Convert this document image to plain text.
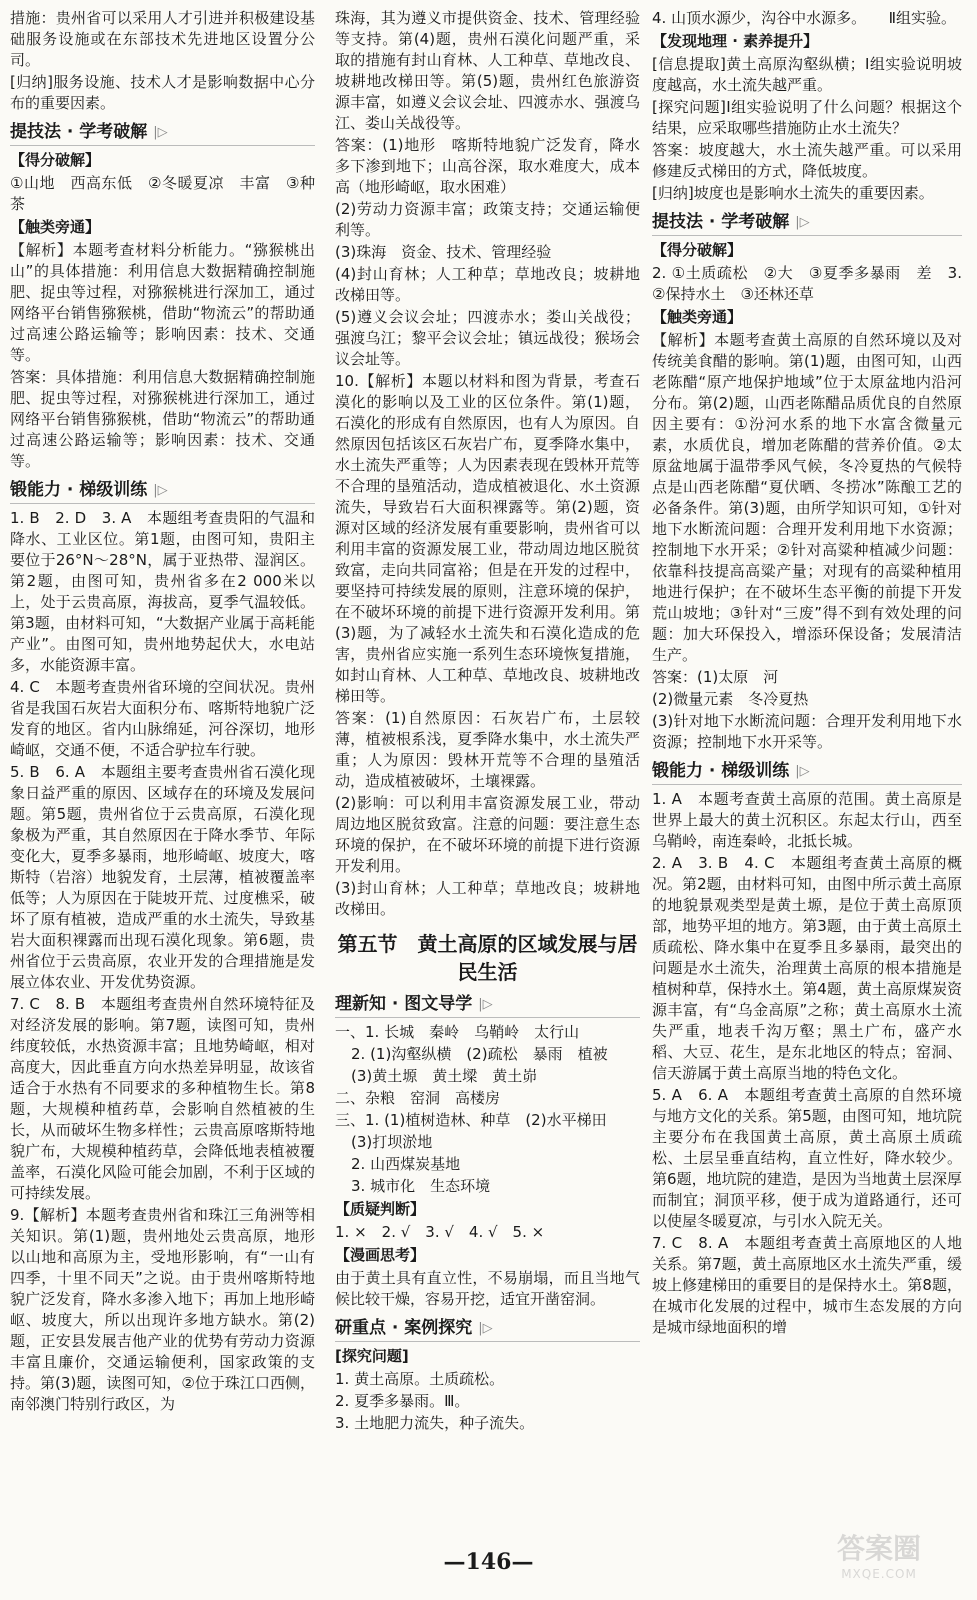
措施：贵州省可以采用人才引进并积极建设基础服务设施或在东部技术先进地区设置分公司。
[归纳]服务设施、技术人才是影响数据中心分布的重要因素。
提技法 · 学考破解 |▷
【得分破解】
①山地　西高东低　②冬暖夏凉　丰富　③种茶
【触类旁通】
【解析】本题考查材料分析能力。“猕猴桃出山”的具体措施：利用信息大数据精确控制施肥、捉虫等过程，对猕猴桃进行深加工，通过网络平台销售猕猴桃，借助“物流云”的帮助通过高速公路运输等；影响因素：技术、交通等。
答案：具体措施：利用信息大数据精确控制施肥、捉虫等过程，对猕猴桃进行深加工，通过网络平台销售猕猴桃，借助“物流云”的帮助通过高速公路运输等；影响因素：技术、交通等。
锻能力 · 梯级训练 |▷
1. B　2. D　3. A　本题组考查贵阳的气温和降水、工业区位。第1题，由图可知，贵阳主要位于26°N～28°N，属于亚热带、湿润区。第2题，由图可知，贵州省多在2 000米以上，处于云贵高原，海拔高，夏季气温较低。第3题，由材料可知，“大数据产业属于高耗能产业”。由图可知，贵州地势起伏大，水电站多，水能资源丰富。
4. C　本题考查贵州省环境的空间状况。贵州省是我国石灰岩大面积分布、喀斯特地貌广泛发育的地区。省内山脉绵延，河谷深切，地形崎岖，交通不便，不适合驴拉车行驶。
5. B　6. A　本题组主要考查贵州省石漠化现象日益严重的原因、区域存在的环境及发展问题。第5题，贵州省位于云贵高原，石漠化现象极为严重，其自然原因在于降水季节、年际变化大，夏季多暴雨，地形崎岖、坡度大，喀斯特（岩溶）地貌发育，土层薄，植被覆盖率低等；人为原因在于陡坡开荒、过度樵采，破坏了原有植被，造成严重的水土流失，导致基岩大面积裸露而出现石漠化现象。第6题，贵州省位于云贵高原，农业开发的合理措施是发展立体农业、开发优势资源。
7. C　8. B　本题组考查贵州自然环境特征及对经济发展的影响。第7题，读图可知，贵州纬度较低，水热资源丰富；且地势崎岖，相对高度大，因此垂直方向水热差异明显，故该省适合于水热有不同要求的多种植物生长。第8题，大规模种植药草，会影响自然植被的生长，从而破坏生物多样性；云贵高原喀斯特地貌广布，大规模种植药草，会降低地表植被覆盖率，石漠化风险可能会加剧，不利于区域的可持续发展。
9.【解析】本题考查贵州省和珠江三角洲等相关知识。第(1)题，贵州地处云贵高原，地形以山地和高原为主，受地形影响，有“一山有四季，十里不同天”之说。由于贵州喀斯特地貌广泛发育，降水多渗入地下；再加上地形崎岖、坡度大，所以出现许多地方缺水。第(2)题，正安县发展吉他产业的优势有劳动力资源丰富且廉价，交通运输便利，国家政策的支持。第(3)题，读图可知，②位于珠江口西侧，南邻澳门特别行政区，为
珠海，其为遵义市提供资金、技术、管理经验等支持。第(4)题，贵州石漠化问题严重，采取的措施有封山育林、人工种草、草地改良、坡耕地改梯田等。第(5)题，贵州红色旅游资源丰富，如遵义会议会址、四渡赤水、强渡乌江、娄山关战役等。
答案：(1)地形　喀斯特地貌广泛发育，降水多下渗到地下；山高谷深，取水难度大，成本高（地形崎岖，取水困难）
(2)劳动力资源丰富；政策支持；交通运输便利等。
(3)珠海　资金、技术、管理经验
(4)封山育林；人工种草；草地改良；坡耕地改梯田等。
(5)遵义会议会址；四渡赤水；娄山关战役；强渡乌江；黎平会议会址；镇远战役；猴场会议会址等。
10.【解析】本题以材料和图为背景，考查石漠化的影响以及工业的区位条件。第(1)题，石漠化的形成有自然原因，也有人为原因。自然原因包括该区石灰岩广布，夏季降水集中，水土流失严重等；人为因素表现在毁林开荒等不合理的垦殖活动，造成植被退化、水土资源流失，导致岩石大面积裸露等。第(2)题，资源对区域的经济发展有重要影响，贵州省可以利用丰富的资源发展工业，带动周边地区脱贫致富，走向共同富裕；但是在开发的过程中，要坚持可持续发展的原则，注意环境的保护，在不破坏环境的前提下进行资源开发利用。第(3)题，为了减轻水土流失和石漠化造成的危害，贵州省应实施一系列生态环境恢复措施，如封山育林、人工种草、草地改良、坡耕地改梯田等。
答案：(1)自然原因：石灰岩广布，土层较薄，植被根系浅，夏季降水集中，水土流失严重；人为原因：毁林开荒等不合理的垦殖活动，造成植被破坏，土壤裸露。
(2)影响：可以利用丰富资源发展工业，带动周边地区脱贫致富。注意的问题：要注意生态环境的保护，在不破坏环境的前提下进行资源开发利用。
(3)封山育林；人工种草；草地改良；坡耕地改梯田。
第五节　黄土高原的区域发展与居民生活
理新知 · 图文导学 |▷
一、1. 长城　秦岭　乌鞘岭　太行山
2. (1)沟壑纵横　(2)疏松　暴雨　植被
(3)黄土塬　黄土墚　黄土峁
二、杂粮　窑洞　高楼房
三、1. (1)植树造林、种草　(2)水平梯田
(3)打坝淤地
2. 山西煤炭基地
3. 城市化　生态环境
【质疑判断】
1. ×　2. √　3. √　4. √　5. ×
【漫画思考】
由于黄土具有直立性，不易崩塌，而且当地气候比较干燥，容易开挖，适宜开凿窑洞。
研重点 · 案例探究 |▷
[探究问题]
1. 黄土高原。土质疏松。
2. 夏季多暴雨。Ⅲ。
3. 土地肥力流失，种子流失。
4. 山顶水源少，沟谷中水源多。　　Ⅱ组实验。
【发现地理 · 素养提升】
[信息提取]黄土高原沟壑纵横；Ⅰ组实验说明坡度越高，水土流失越严重。
[探究问题]Ⅰ组实验说明了什么问题？根据这个结果，应采取哪些措施防止水土流失？
答案：坡度越大，水土流失越严重。可以采用修建反式梯田的方式，降低坡度。
[归纳]坡度也是影响水土流失的重要因素。
提技法 · 学考破解 |▷
【得分破解】
2. ①土质疏松　②大　③夏季多暴雨　差　3. ②保持水土　③还林还草
【触类旁通】
【解析】本题考查黄土高原的自然环境以及对传统美食醋的影响。第(1)题，由图可知，山西老陈醋“原产地保护地域”位于太原盆地内沿河分布。第(2)题，山西老陈醋品质优良的自然原因主要有：①汾河水系的地下水富含微量元素，水质优良，增加老陈醋的营养价值。②太原盆地属于温带季风气候，冬冷夏热的气候特点是山西老陈醋“夏伏晒、冬捞冰”陈酿工艺的必备条件。第(3)题，由所学知识可知，①针对地下水断流问题：合理开发利用地下水资源；控制地下水开采；②针对高粱种植减少问题：依靠科技提高高粱产量；对现有的高粱种植用地进行保护；在不破坏生态平衡的前提下开发荒山坡地；③针对“三废”得不到有效处理的问题：加大环保投入，增添环保设备；发展清洁生产。
答案：(1)太原　河
(2)微量元素　冬冷夏热
(3)针对地下水断流问题：合理开发利用地下水资源；控制地下水开采等。
锻能力 · 梯级训练 |▷
1. A　本题考查黄土高原的范围。黄土高原是世界上最大的黄土沉积区。东起太行山，西至乌鞘岭，南连秦岭，北抵长城。
2. A　3. B　4. C　本题组考查黄土高原的概况。第2题，由材料可知，由图中所示黄土高原的地貌景观类型是黄土塬，是位于黄土高原顶部，地势平坦的地方。第3题，由于黄土高原土质疏松、降水集中在夏季且多暴雨，最突出的问题是水土流失，治理黄土高原的根本措施是植树种草，保持水土。第4题，黄土高原煤炭资源丰富，有“乌金高原”之称；黄土高原水土流失严重，地表千沟万壑；黑土广布，盛产水稻、大豆、花生，是东北地区的特点；窑洞、信天游属于黄土高原当地的特色文化。
5. A　6. A　本题组考查黄土高原的自然环境与地方文化的关系。第5题，由图可知，地坑院主要分布在我国黄土高原，黄土高原土质疏松、土层呈垂直结构，直立性好，降水较少。第6题，地坑院的建造，是因为当地黄土层深厚而制宜；洞顶平移，便于成为道路通行，还可以使屋冬暖夏凉，与引水入院无关。
7. C　8. A　本题组考查黄土高原地区的人地关系。第7题，黄土高原地区水土流失严重，缓坡上修建梯田的重要目的是保持水土。第8题，在城市化发展的过程中，城市生态发展的方向是城市绿地面积的增
—146—	答案圈
MXQE.COM
